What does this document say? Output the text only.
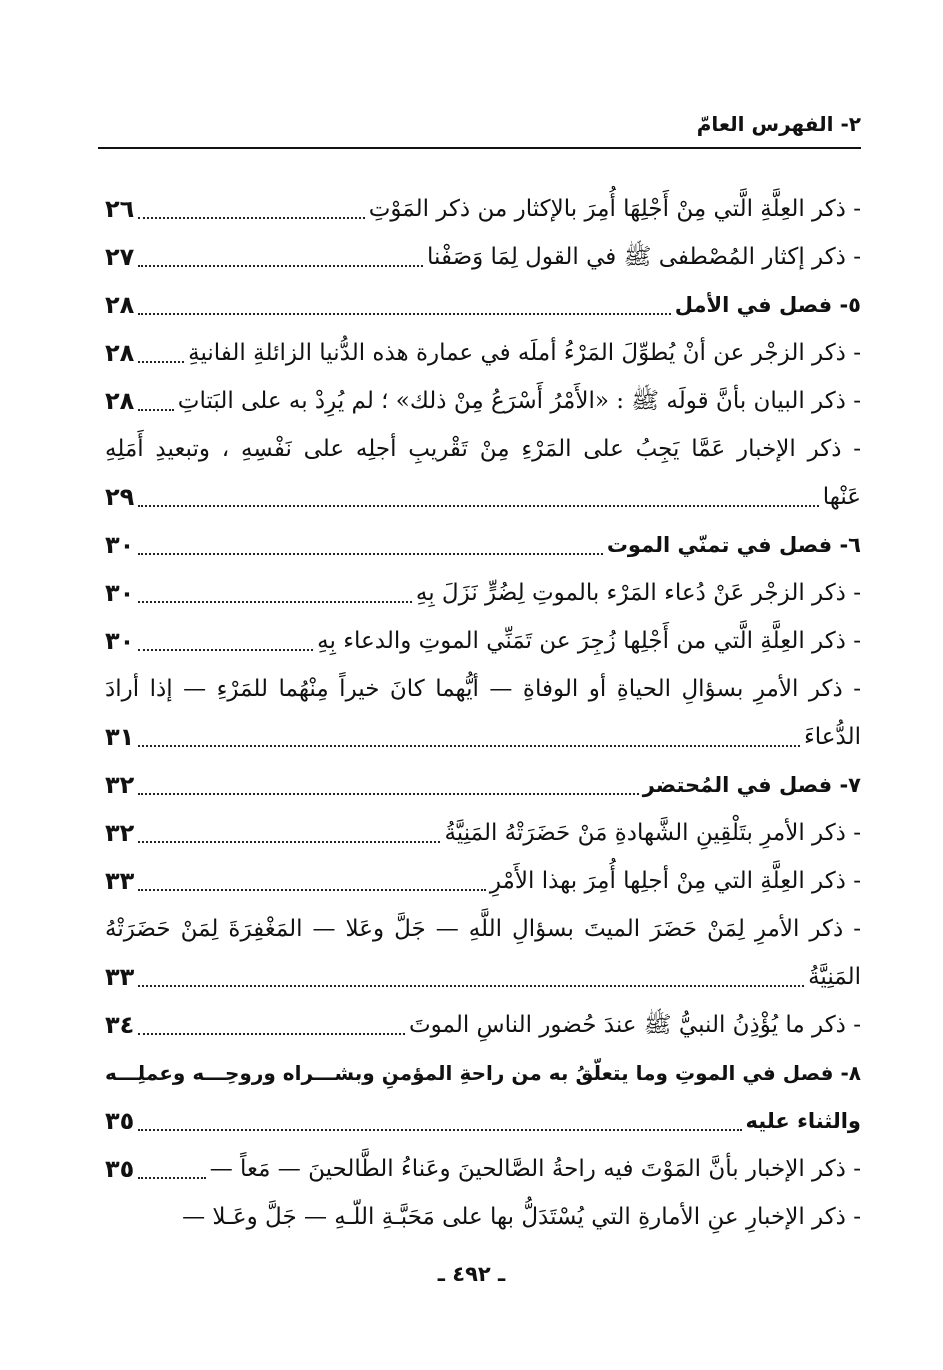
٢- الفهرس العامّ
- ذكر العِلَّةِ الَّتي مِنْ أَجْلِهَا أُمِرَ بالإكثار من ذكر المَوْتِ
٢٦
- ذكر إكثار المُصْطفى ﷺ في القول لِمَا وَصَفْنا
٢٧
٥- فصل في الأمل
٢٨
- ذكر الزجْر عن أنْ يُطوِّلَ المَرْءُ أملَه في عمارة هذه الدُّنيا الزائلةِ الفانيةِ
٢٨
- ذكر البيان بأنَّ قولَه ﷺ : «الأَمْرُ أَسْرَعُ مِنْ ذلك» ؛ لم يُرِدْ به على البَتاتِ
٢٨
- ذكر الإخبار عَمَّا يَجِبُ على المَرْءِ مِنْ تَقْريبِ أجلِه على نَفْسِهِ ، وتبعيدِ أَمَلِهِ
عَنْها
٢٩
٦- فصل في تمنّي الموت
٣٠
- ذكر الزجْر عَنْ دُعاء المَرْء بالموتِ لِضُرٍّ نَزَلَ بِهِ
٣٠
- ذكر العِلَّةِ الَّتي من أَجْلِها زُجِرَ عن تَمَنِّي الموتِ والدعاء بِهِ
٣٠
- ذكر الأمرِ بسؤالِ الحياةِ أو الوفاةِ — أيُّهما كانَ خيراً مِنْهُما للمَرْءِ — إذا أرادَ
الدُّعاءَ
٣١
٧- فصل في المُحتضر
٣٢
- ذكر الأمرِ بتَلْقِينِ الشَّهادةِ مَنْ حَضَرَتْهُ المَنِيَّةُ
٣٢
- ذكر العِلَّةِ التي مِنْ أجلِها أُمِرَ بهذا الأَمْرِ
٣٣
- ذكر الأمرِ لِمَنْ حَضَرَ الميتَ بسؤالِ اللَّهِ — جَلَّ وعَلا — المَغْفِرَةَ لِمَنْ حَضَرَتْهُ
المَنِيَّةُ
٣٣
- ذكر ما يُؤْذِنُ النبيُّ ﷺ عندَ حُضور الناسِ الموتَ
٣٤
٨- فصل في الموتِ وما يتعلّقُ به من راحةِ المؤمنِ وبشـــراه وروحِـــه وعملِـــه
والثناء عليه
٣٥
- ذكر الإخبار بأنَّ المَوْتَ فيه راحةُ الصَّالحينَ وعَناءُ الطَّالحينَ — مَعاً —
٣٥
- ذكر الإخبارِ عنِ الأمارةِ التي يُسْتَدَلُّ بها على مَحَبَّـةِ اللّـهِ — جَلَّ وعَـلا —
ـ ٤٩٢ ـ
